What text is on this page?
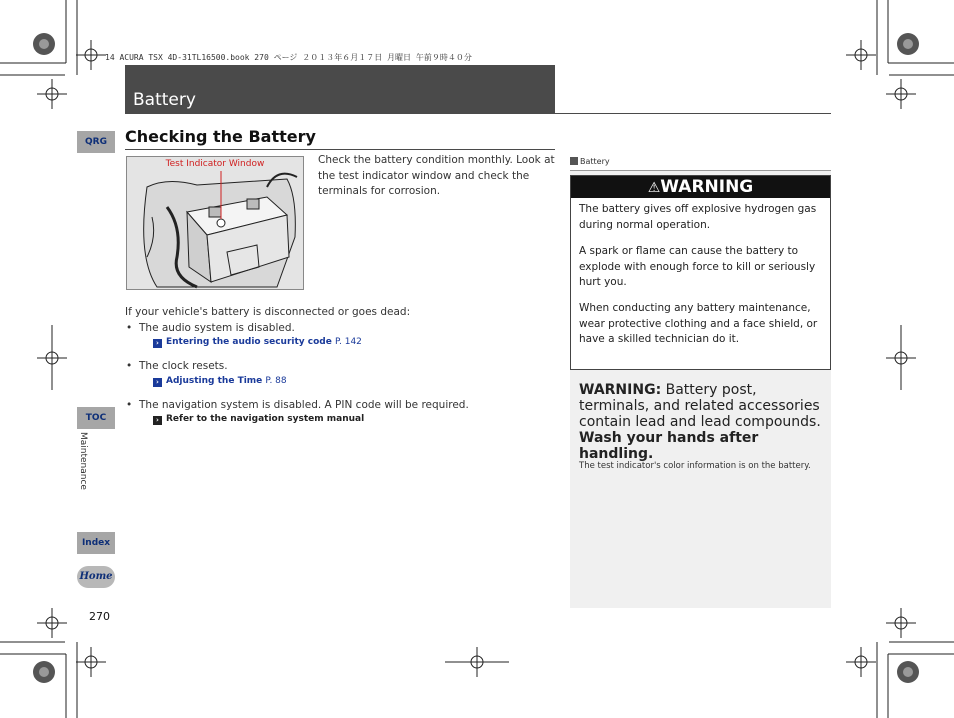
14 ACURA TSX 4D-31TL16500.book 270 ページ ２０１３年６月１７日 月曜日 午前９時４０分
Battery
Checking the Battery
Test Indicator Window	Check the battery condition monthly. Look at the test indicator window and check the terminals for corrosion.
If your vehicle's battery is disconnected or goes dead:
• The audio system is disabled.
› Entering the audio security code P. 142
• The clock resets.
› Adjusting the Time P. 88
• The navigation system is disabled. A PIN code will be required.
› Refer to the navigation system manual
Battery
⚠WARNING
The battery gives off explosive hydrogen gas during normal operation.
A spark or flame can cause the battery to explode with enough force to kill or seriously hurt you.
When conducting any battery maintenance, wear protective clothing and a face shield, or have a skilled technician do it.
WARNING: Battery post, terminals, and related accessories contain lead and lead compounds.
Wash your hands after handling.
The test indicator's color information is on the battery.
QRG
TOC
Maintenance
Index
Home
270
